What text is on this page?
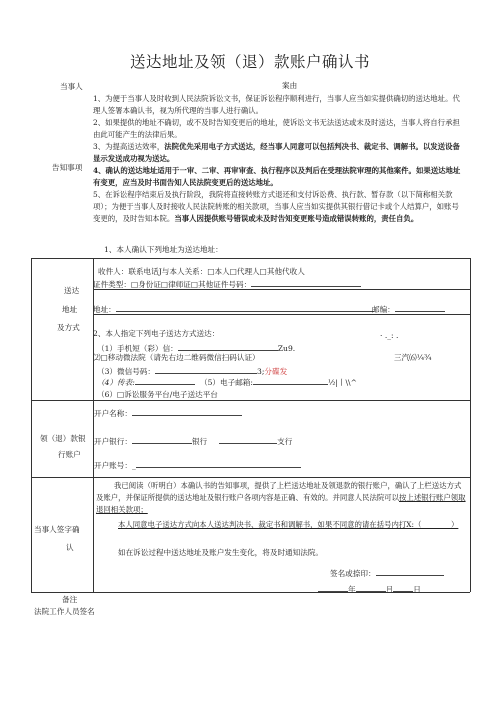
送达地址及领（退）款账户确认书
当事人	案由
告知事项
1、为便于当事人及时收到人民法院诉讼文书，保证诉讼程序顺利进行，当事人应当如实提供确切的送达地址。代理人签署本确认书，视为所代理的当事人进行确认。
2、如果提供的地址不确切，或不及时告知变更后的地址，使诉讼文书无法送达或未及时送达，当事人将自行承担由此可能产生的法律后果。
3、为提高送达效率，法院优先采用电子方式送达，经当事人同意可以包括判决书、裁定书、调解书。以发送设备显示发送成功视为送达。
4、确认的送达地址适用于一审、二审、再审审查、执行程序以及判后在受理法院审理的其他案件。如果送达地址有变更，应当及时书面告知人民法院变更后的送达地址。
5、在诉讼程序结束后及执行阶段，我院将直接转账方式退还和支付诉讼费、执行款、暂存款（以下简称相关款项）；为便于当事人及时接收人民法院转账的相关款项，当事人应当如实提供其银行借记卡或个人结算户，如账号变更的，及时告知本院。当事人因提供账号错误或未及时告知变更账号造成错误转账的，责任自负。
1、本人确认下列地址为送达地址：
送达
地址
及方式
收件人：联系电话J与本人关系：□本人□代理人□其他代收人
证件类型：□身份证□律师证□其他证件号码：
地址：	邮编：
2、本人指定下列电子送达方式送达：	· ._: .
（1）手机短（彩）信：	Zu9.
⑵□移动微法院（请先右边二维码微信扫码认证）	三汽⑹¼¾
（3）微信号码：	3;分碟发
（4）传表:	（5）电子邮箱:	½|丨\\^
（6）□诉讼服务平台/电子送达平台
领（退）款银
行账户
开户名称：
开户银行：	银行	支行
开户账号：_
当事人签字确
认
我已阅读（听明白）本确认书的告知事项，提供了上栏送达地址及领退款的银行账户，确认了上栏送达方式及账户，并保证所提供的送达地址及银行账户各项内容是正确、有效的。并同意人民法院可以按上述银行账户领取退回相关款项；
本人同意电子送达方式向本人送达判决书、裁定书和调解书，如果不同意的请在括号内打X:（　　　　）
如在诉讼过程中送达地址及账户发生变化，将及时通知法院。
签名或捺印：
年	月	日
备注
法院工作人员签名
